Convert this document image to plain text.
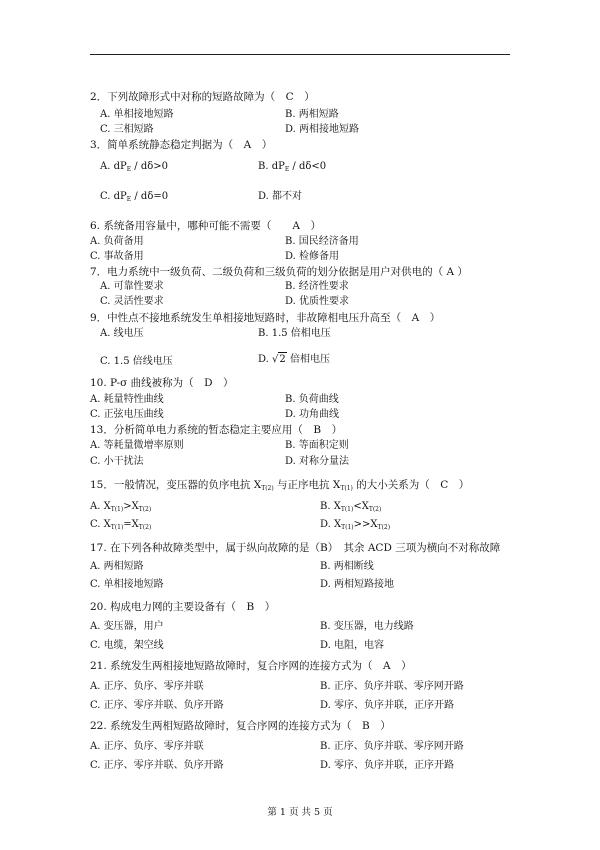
2．下列故障形式中对称的短路故障为（　C　）
A. 单相接地短路	B. 两相短路
C. 三相短路	D. 两相接地短路
3．简单系统静态稳定判据为（　A　）
A. $dP_E / d\delta>0$	B. $dP_E / d\delta<0$
C. $dP_E / d\delta=0$	D. 都不对
6. 系统备用容量中，哪种可能不需要（　　A　）
A. 负荷备用	B. 国民经济备用
C. 事故备用	D. 检修备用
7．电力系统中一级负荷、二级负荷和三级负荷的划分依据是用户对供电的（ A ）
A. 可靠性要求	B. 经济性要求
C. 灵活性要求	D. 优质性要求
9．中性点不接地系统发生单相接地短路时，非故障相电压升高至（　A　）
A. 线电压	B. 1.5 倍相电压
C. 1.5 倍线电压	D. √2 倍相电压
10. P-σ 曲线被称为（　D　）
A. 耗量特性曲线	B. 负荷曲线
C. 正弦电压曲线	D. 功角曲线
13．分析简单电力系统的暂态稳定主要应用（　B　）
A. 等耗量微增率原则	B. 等面积定则
C. 小干扰法	D. 对称分量法
15．一般情况，变压器的负序电抗 $X_{T(2)}$ 与正序电抗 $X_{T(1)}$ 的大小关系为（　C　）
A. $X_{T(1)}>X_{T(2)}$	B. $X_{T(1)}<X_{T(2)}$
C. $X_{T(1)}=X_{T(2)}$	D. $X_{T(1)}>>X_{T(2)}$
17. 在下列各种故障类型中，属于纵向故障的是（B）　其余 ACD 三项为横向不对称故障
A. 两相短路	B. 两相断线
C. 单相接地短路	D. 两相短路接地
20. 构成电力网的主要设备有（　B　）
A. 变压器，用户	B. 变压器，电力线路
C. 电缆，架空线	D. 电阻，电容
21. 系统发生两相接地短路故障时，复合序网的连接方式为（　A　）
A. 正序、负序、零序并联	B. 正序、负序并联、零序网开路
C. 正序、零序并联、负序开路	D. 零序、负序并联，正序开路
22. 系统发生两相短路故障时，复合序网的连接方式为（　B　）
A. 正序、负序、零序并联	B. 正序、负序并联、零序网开路
C. 正序、零序并联、负序开路	D. 零序、负序并联，正序开路
第 1 页 共 5 页
